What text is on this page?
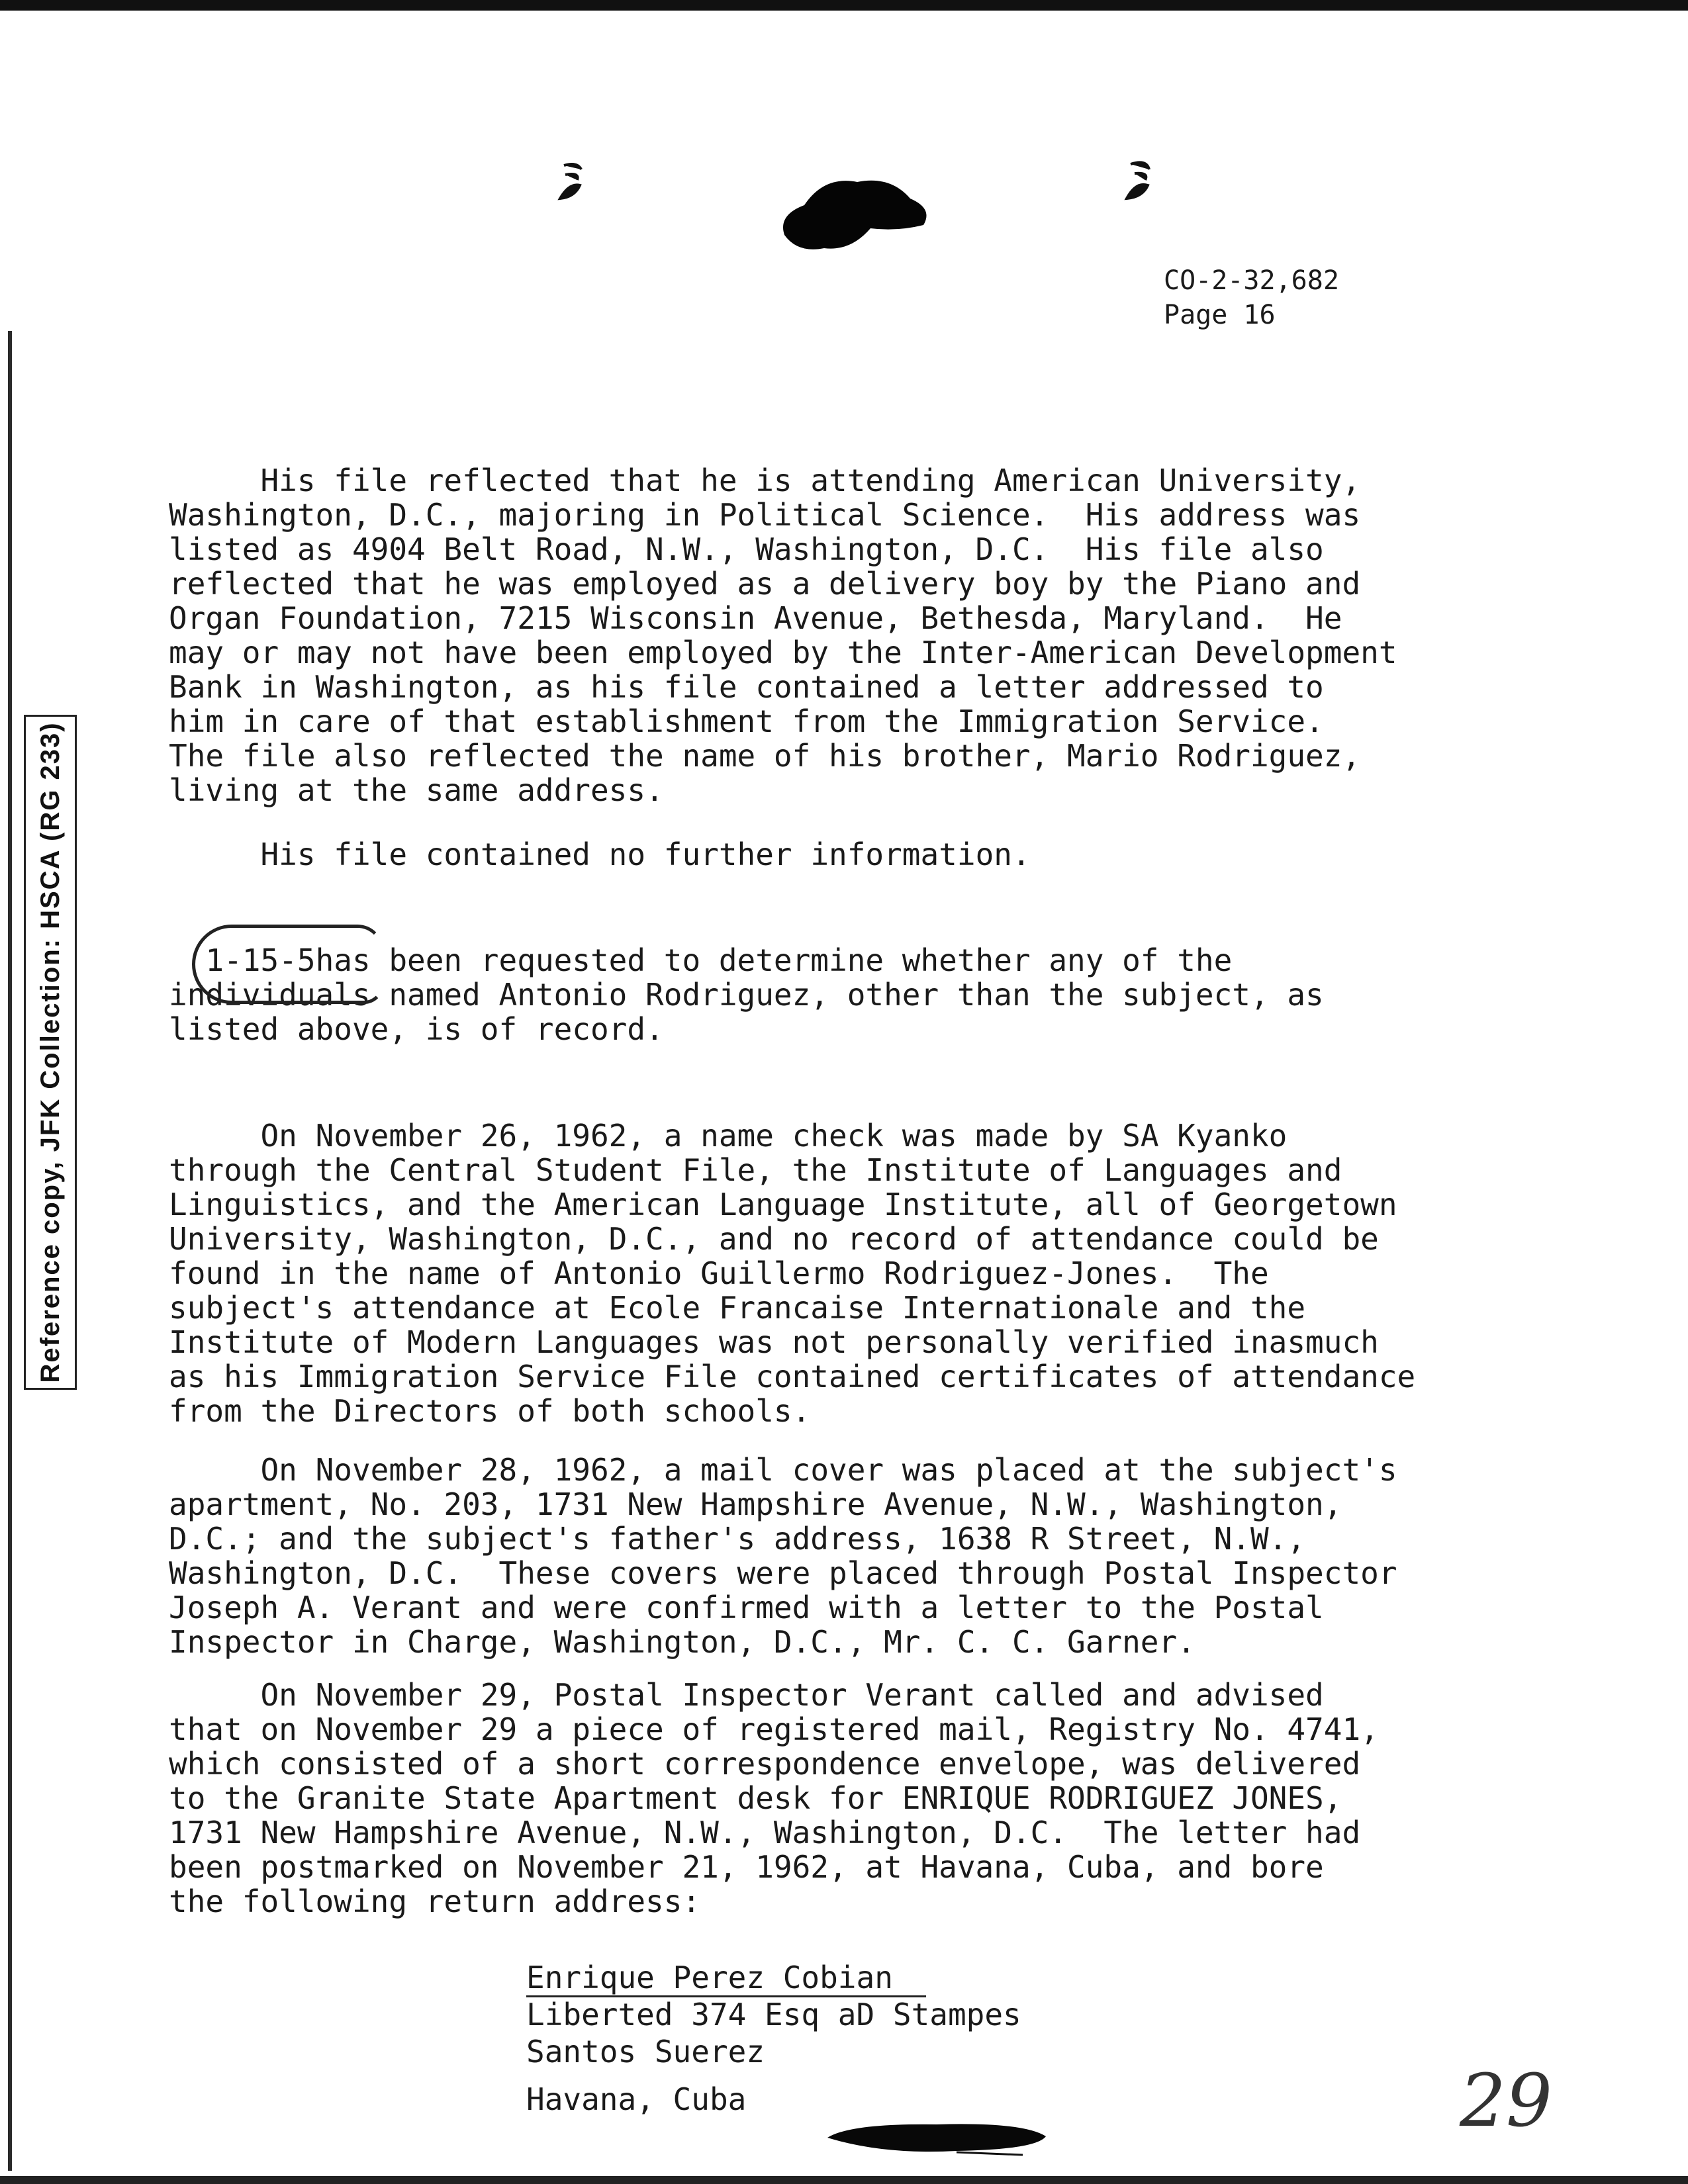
Reference copy, JFK Collection: HSCA (RG 233)
CO-2-32,682
Page 16

His file reflected that he is attending American University,
Washington, D.C., majoring in Political Science.  His address was
listed as 4904 Belt Road, N.W., Washington, D.C.  His file also
reflected that he was employed as a delivery boy by the Piano and
Organ Foundation, 7215 Wisconsin Avenue, Bethesda, Maryland.  He
may or may not have been employed by the Inter-American Development
Bank in Washington, as his file contained a letter addressed to
him in care of that establishment from the Immigration Service.
The file also reflected the name of his brother, Mario Rodriguez,
living at the same address.

His file contained no further information.

1-15-5has been requested to determine whether any of the
individuals named Antonio Rodriguez, other than the subject, as
listed above, is of record.

On November 26, 1962, a name check was made by SA Kyanko
through the Central Student File, the Institute of Languages and
Linguistics, and the American Language Institute, all of Georgetown
University, Washington, D.C., and no record of attendance could be
found in the name of Antonio Guillermo Rodriguez-Jones.  The
subject's attendance at Ecole Francaise Internationale and the
Institute of Modern Languages was not personally verified inasmuch
as his Immigration Service File contained certificates of attendance
from the Directors of both schools.

On November 28, 1962, a mail cover was placed at the subject's
apartment, No. 203, 1731 New Hampshire Avenue, N.W., Washington,
D.C.; and the subject's father's address, 1638 R Street, N.W.,
Washington, D.C.  These covers were placed through Postal Inspector
Joseph A. Verant and were confirmed with a letter to the Postal
Inspector in Charge, Washington, D.C., Mr. C. C. Garner.

On November 29, Postal Inspector Verant called and advised
that on November 29 a piece of registered mail, Registry No. 4741,
which consisted of a short correspondence envelope, was delivered
to the Granite State Apartment desk for ENRIQUE RODRIGUEZ JONES,
1731 New Hampshire Avenue, N.W., Washington, D.C.  The letter had
been postmarked on November 21, 1962, at Havana, Cuba, and bore
the following return address:

Enrique Perez Cobian
Liberted 374 Esq aD Stampes
Santos Suerez
Havana, Cuba	29
